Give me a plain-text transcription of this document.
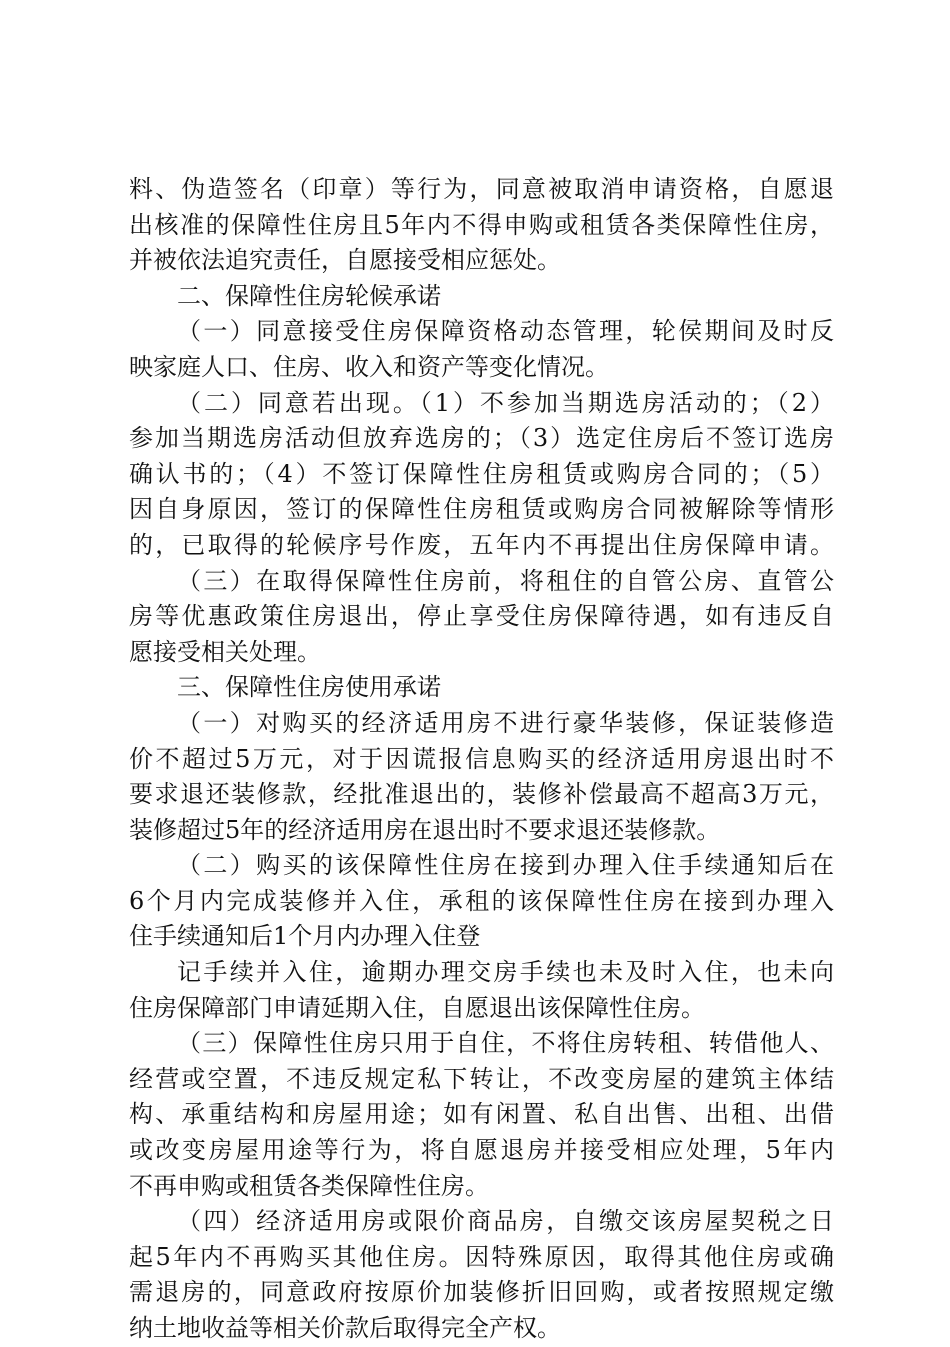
料、伪造签名（印章）等行为，同意被取消申请资格，自愿退
出核准的保障性住房且5年内不得申购或租赁各类保障性住房，
并被依法追究责任，自愿接受相应惩处。
二、保障性住房轮候承诺
（一）同意接受住房保障资格动态管理，轮侯期间及时反
映家庭人口、住房、收入和资产等变化情况。
（二）同意若出现。（1）不参加当期选房活动的；（2）
参加当期选房活动但放弃选房的；（3）选定住房后不签订选房
确认书的；（4）不签订保障性住房租赁或购房合同的；（5）
因自身原因，签订的保障性住房租赁或购房合同被解除等情形
的，已取得的轮候序号作废，五年内不再提出住房保障申请。
（三）在取得保障性住房前，将租住的自管公房、直管公
房等优惠政策住房退出，停止享受住房保障待遇，如有违反自
愿接受相关处理。
三、保障性住房使用承诺
（一）对购买的经济适用房不进行豪华装修，保证装修造
价不超过5万元，对于因谎报信息购买的经济适用房退出时不
要求退还装修款，经批准退出的，装修补偿最高不超高3万元，
装修超过5年的经济适用房在退出时不要求退还装修款。
（二）购买的该保障性住房在接到办理入住手续通知后在
6个月内完成装修并入住，承租的该保障性住房在接到办理入
住手续通知后1个月内办理入住登
记手续并入住，逾期办理交房手续也未及时入住，也未向
住房保障部门申请延期入住，自愿退出该保障性住房。
（三）保障性住房只用于自住，不将住房转租、转借他人、
经营或空置，不违反规定私下转让，不改变房屋的建筑主体结
构、承重结构和房屋用途；如有闲置、私自出售、出租、出借
或改变房屋用途等行为，将自愿退房并接受相应处理，5年内
不再申购或租赁各类保障性住房。
（四）经济适用房或限价商品房，自缴交该房屋契税之日
起5年内不再购买其他住房。因特殊原因，取得其他住房或确
需退房的，同意政府按原价加装修折旧回购，或者按照规定缴
纳土地收益等相关价款后取得完全产权。
